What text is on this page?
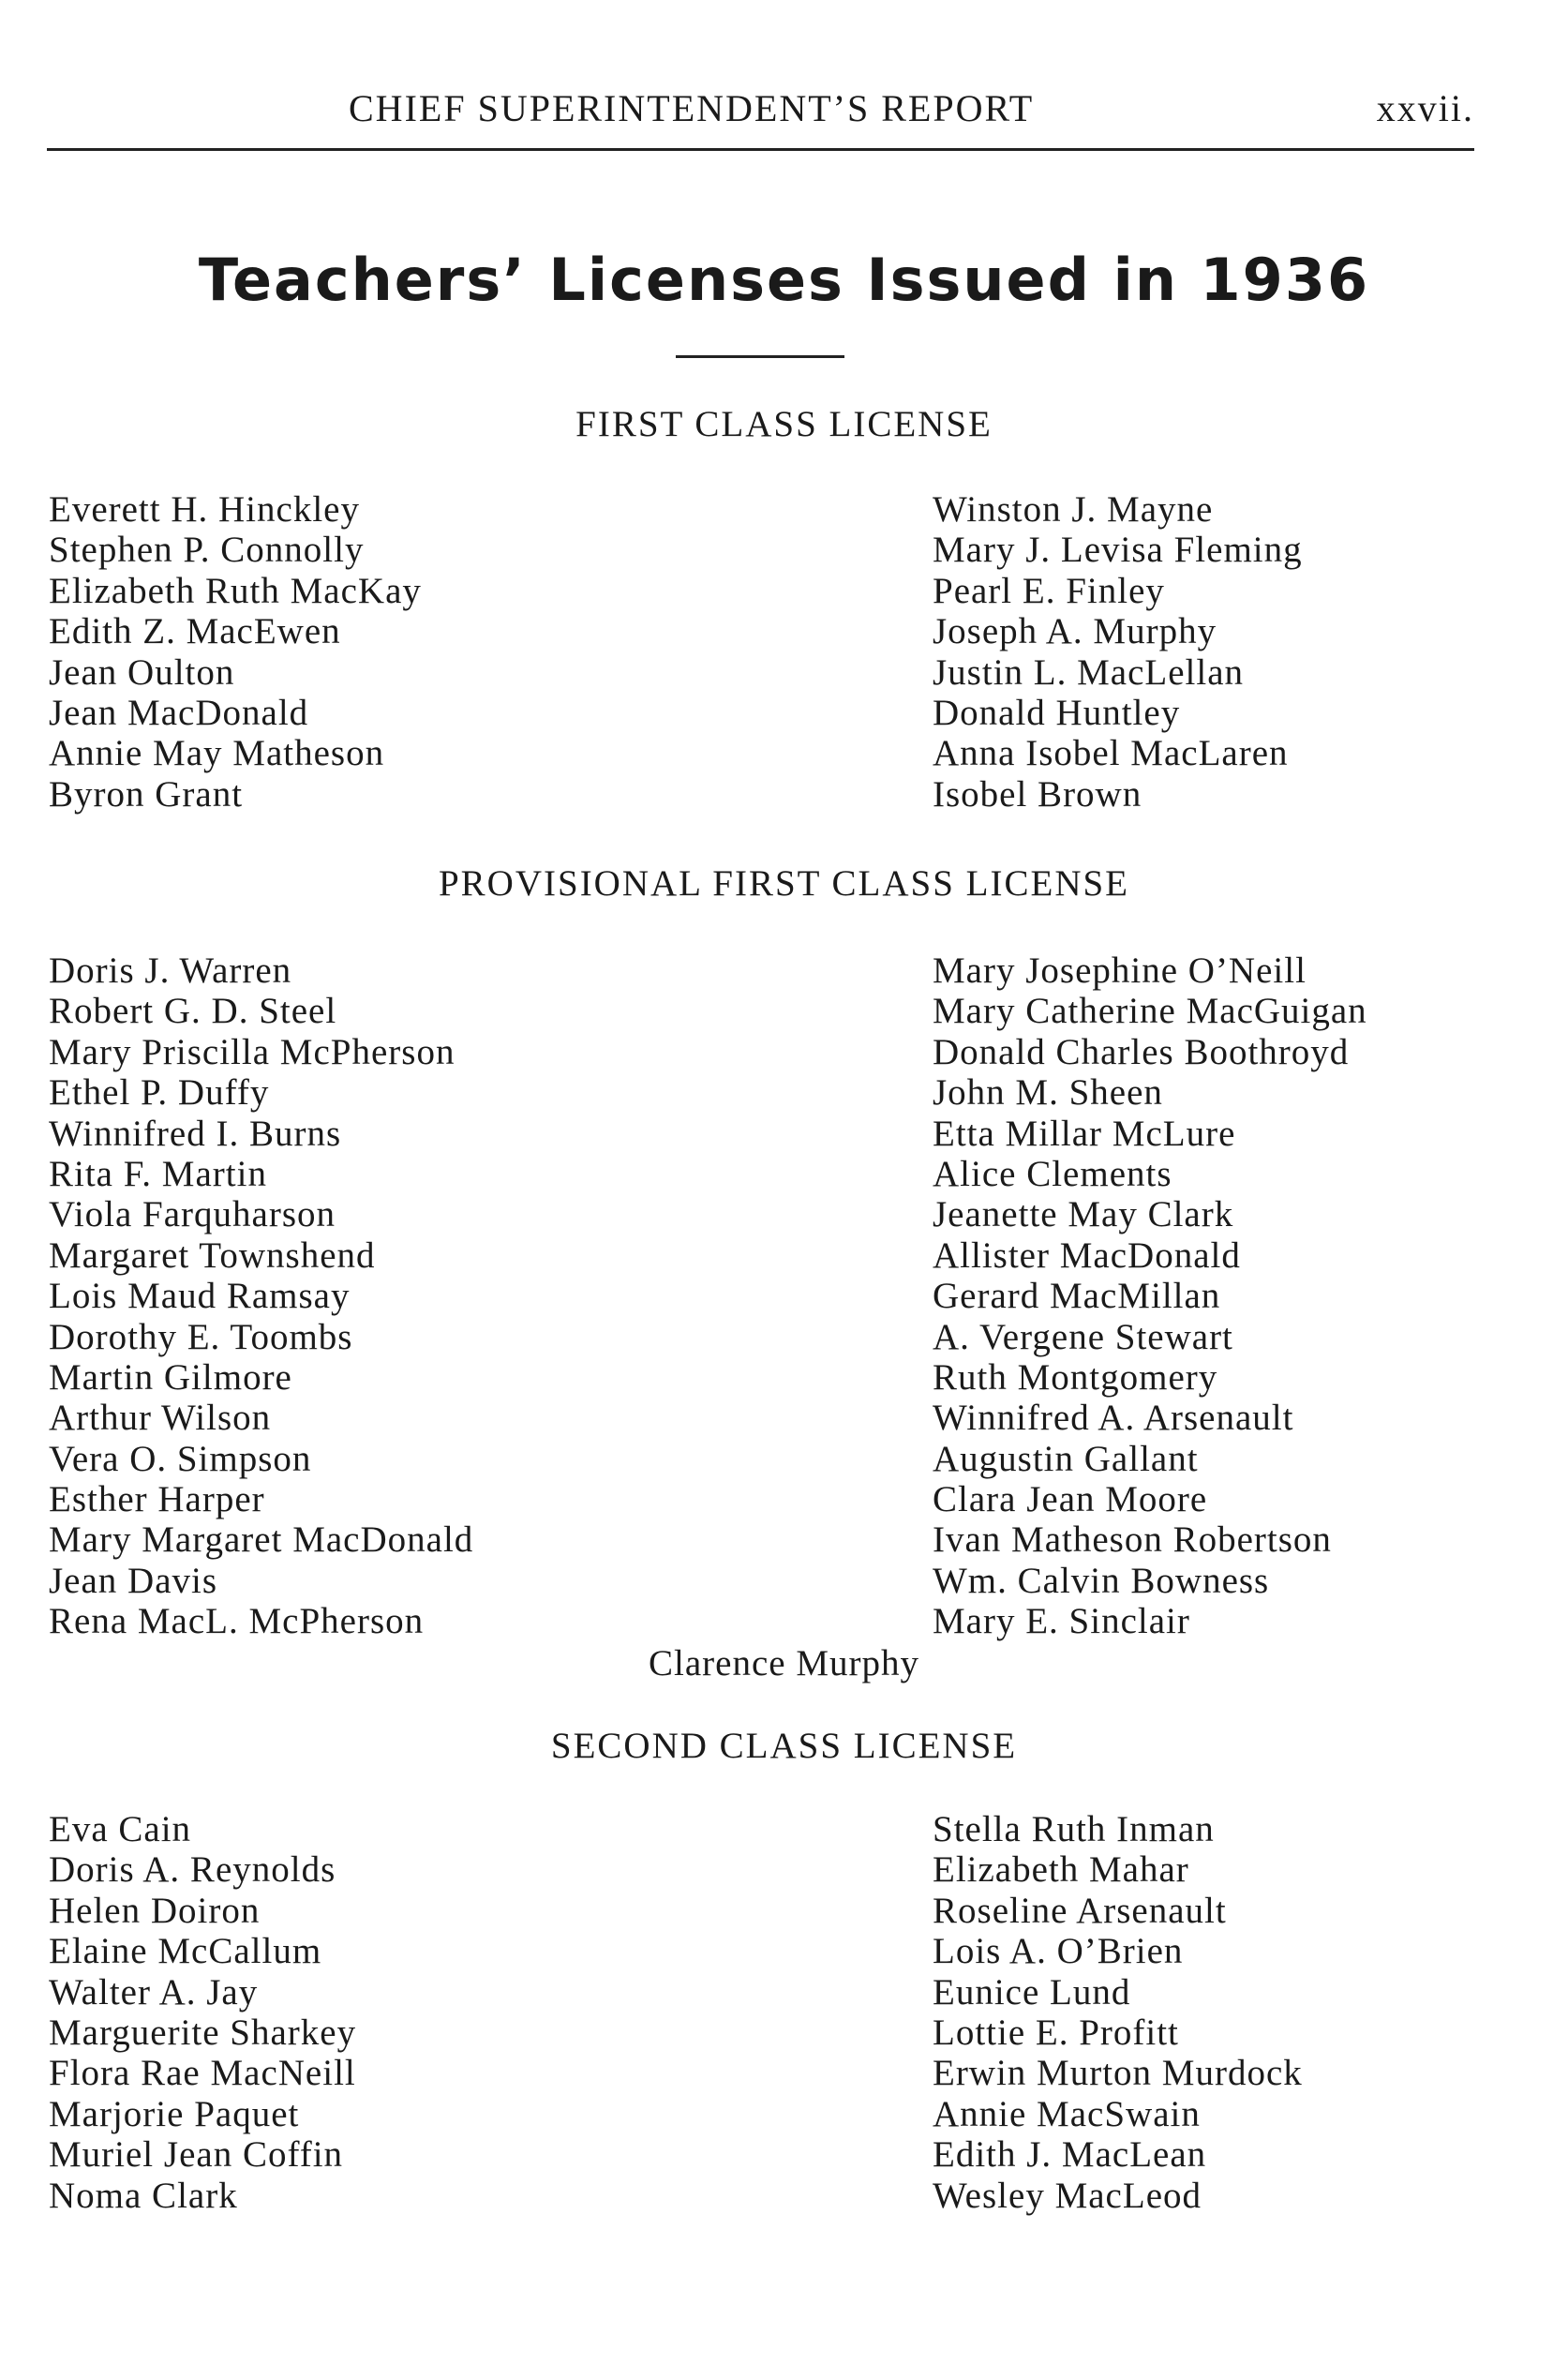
CHIEF SUPERINTENDENT’S REPORT	xxvii.
Teachers’ Licenses Issued in 1936
FIRST CLASS LICENSE
Everett H. Hinckley
Stephen P. Connolly
Elizabeth Ruth MacKay
Edith Z. MacEwen
Jean Oulton
Jean MacDonald
Annie May Matheson
Byron Grant
Winston J. Mayne
Mary J. Levisa Fleming
Pearl E. Finley
Joseph A. Murphy
Justin L. MacLellan
Donald Huntley
Anna Isobel MacLaren
Isobel Brown
PROVISIONAL FIRST CLASS LICENSE
Doris J. Warren
Robert G. D. Steel
Mary Priscilla McPherson
Ethel P. Duffy
Winnifred I. Burns
Rita F. Martin
Viola Farquharson
Margaret Townshend
Lois Maud Ramsay
Dorothy E. Toombs
Martin Gilmore
Arthur Wilson
Vera O. Simpson
Esther Harper
Mary Margaret MacDonald
Jean Davis
Rena MacL. McPherson
Mary Josephine O’Neill
Mary Catherine MacGuigan
Donald Charles Boothroyd
John M. Sheen
Etta Millar McLure
Alice Clements
Jeanette May Clark
Allister MacDonald
Gerard MacMillan
A. Vergene Stewart
Ruth Montgomery
Winnifred A. Arsenault
Augustin Gallant
Clara Jean Moore
Ivan Matheson Robertson
Wm. Calvin Bowness
Mary E. Sinclair
Clarence Murphy
SECOND CLASS LICENSE
Eva Cain
Doris A. Reynolds
Helen Doiron
Elaine McCallum
Walter A. Jay
Marguerite Sharkey
Flora Rae MacNeill
Marjorie Paquet
Muriel Jean Coffin
Noma Clark
Stella Ruth Inman
Elizabeth Mahar
Roseline Arsenault
Lois A. O’Brien
Eunice Lund
Lottie E. Profitt
Erwin Murton Murdock
Annie MacSwain
Edith J. MacLean
Wesley MacLeod
